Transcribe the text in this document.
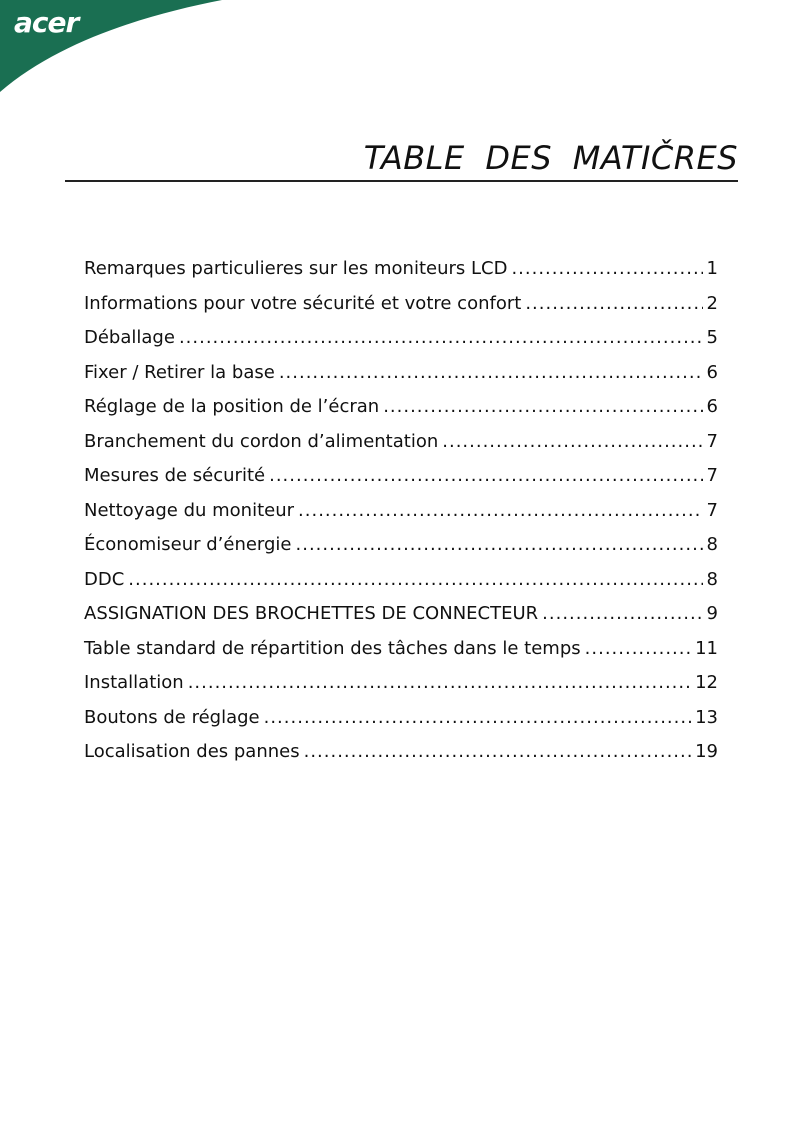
acer
TABLE DES MATIČRES
Remarques particulieres sur les moniteurs LCD .....	1
Informations pour votre sécurité et votre confort .....	2
Déballage .....	5
Fixer / Retirer la base .....	6
Réglage de la position de l’écran .....	6
Branchement du cordon d’alimentation .....	7
Mesures de sécurité .....	7
Nettoyage du moniteur .....	7
Économiseur d’énergie .....	8
DDC .....	8
ASSIGNATION DES BROCHETTES DE CONNECTEUR .....	9
Table standard de répartition des tâches dans le temps .....	11
Installation .....	12
Boutons de réglage .....	13
Localisation des pannes .....	19
